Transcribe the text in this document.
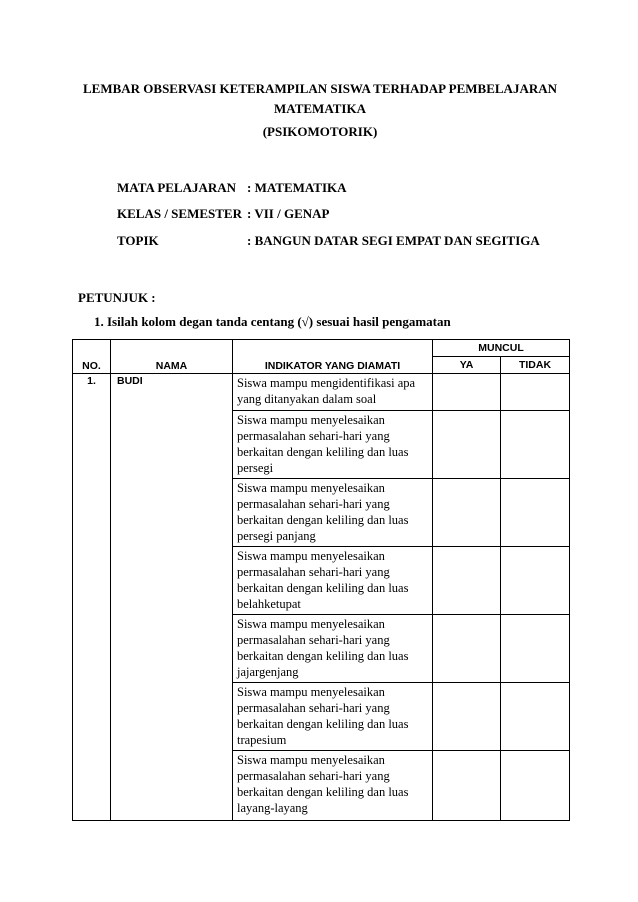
LEMBAR OBSERVASI KETERAMPILAN SISWA TERHADAP PEMBELAJARAN
MATEMATIKA
(PSIKOMOTORIK)
MATA PELAJARAN : MATEMATIKA
KELAS / SEMESTER : VII / GENAP
TOPIK	: BANGUN DATAR SEGI EMPAT DAN SEGITIGA
PETUNJUK :
1. Isilah kolom degan tanda centang (√) sesuai hasil pengamatan
NO.	NAMA	INDIKATOR YANG DIAMATI	MUNCUL	
			YA	TIDAK
1.	BUDI	Siswa mampu mengidentifikasi apa yang ditanyakan dalam soal		
		Siswa mampu menyelesaikan permasalahan sehari-hari yang berkaitan dengan keliling dan luas persegi		
		Siswa mampu menyelesaikan permasalahan sehari-hari yang berkaitan dengan keliling dan luas persegi panjang		
		Siswa mampu menyelesaikan permasalahan sehari-hari yang berkaitan dengan keliling dan luas belahketupat		
		Siswa mampu menyelesaikan permasalahan sehari-hari yang berkaitan dengan keliling dan luas jajargenjang		
		Siswa mampu menyelesaikan permasalahan sehari-hari yang berkaitan dengan keliling dan luas trapesium		
		Siswa mampu menyelesaikan permasalahan sehari-hari yang berkaitan dengan keliling dan luas layang-layang		
